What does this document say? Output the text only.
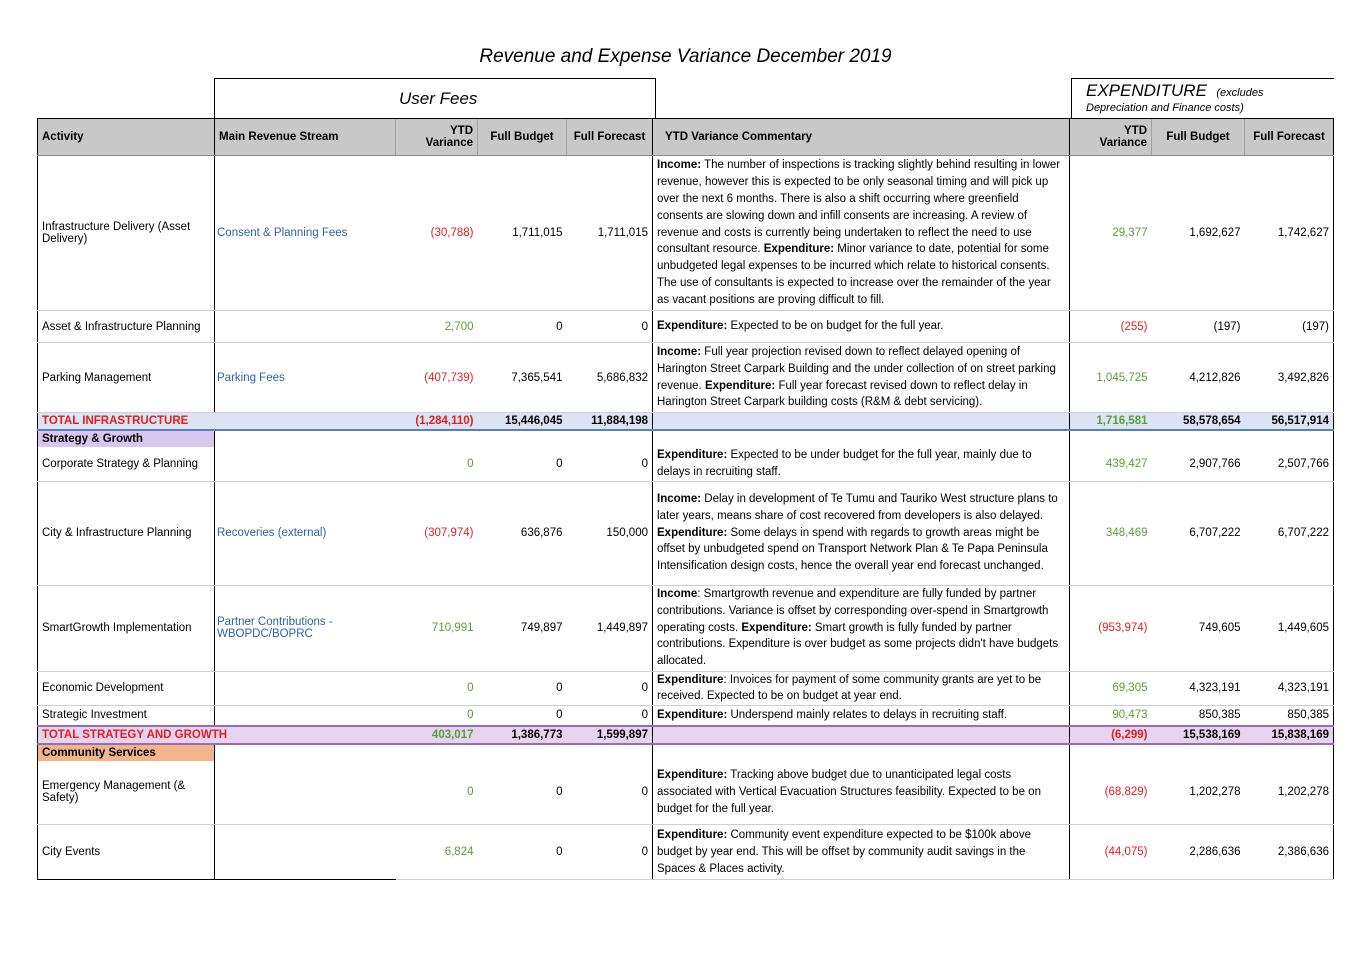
Revenue and Expense Variance December 2019
User Fees	EXPENDITURE (excludes
Depreciation and Finance costs)
Activity	Main Revenue Stream	YTD
Variance	Full Budget	Full Forecast	YTD Variance Commentary	YTD
Variance	Full Budget	Full Forecast
Infrastructure Delivery (Asset Delivery)	Consent & Planning Fees	(30,788)	1,711,015	1,711,015	Income: The number of inspections is tracking slightly behind resulting in lower revenue, however this is expected to be only seasonal timing and will pick up over the next 6 months. There is also a shift occurring where greenfield consents are slowing down and infill consents are increasing. A review of revenue and costs is currently being undertaken to reflect the need to use consultant resource. Expenditure: Minor variance to date, potential for some unbudgeted legal expenses to be incurred which relate to historical consents. The use of consultants is expected to increase over the remainder of the year as vacant positions are proving difficult to fill.	29,377	1,692,627	1,742,627
Asset & Infrastructure Planning		2,700	0	0	Expenditure: Expected to be on budget for the full year.	(255)	(197)	(197)
Parking Management	Parking Fees	(407,739)	7,365,541	5,686,832	Income: Full year projection revised down to reflect delayed opening of Harington Street Carpark Building and the under collection of on street parking revenue. Expenditure: Full year forecast revised down to reflect delay in Harington Street Carpark building costs (R&M & debt servicing).	1,045,725	4,212,826	3,492,826
TOTAL INFRASTRUCTURE		(1,284,110)	15,446,045	11,884,198		1,716,581	58,578,654	56,517,914
Strategy & Growth								
Corporate Strategy & Planning		0	0	0	Expenditure: Expected to be under budget for the full year, mainly due to delays in recruiting staff.	439,427	2,907,766	2,507,766
City & Infrastructure Planning	Recoveries (external)	(307,974)	636,876	150,000	Income: Delay in development of Te Tumu and Tauriko West structure plans to later years, means share of cost recovered from developers is also delayed. Expenditure: Some delays in spend with regards to growth areas might be offset by unbudgeted spend on Transport Network Plan & Te Papa Peninsula Intensification design costs, hence the overall year end forecast unchanged.	348,469	6,707,222	6,707,222
SmartGrowth Implementation	Partner Contributions - WBOPDC/BOPRC	710,991	749,897	1,449,897	Income: Smartgrowth revenue and expenditure are fully funded by partner contributions. Variance is offset by corresponding over-spend in Smartgrowth operating costs. Expenditure: Smart growth is fully funded by partner contributions. Expenditure is over budget as some projects didn't have budgets allocated.	(953,974)	749,605	1,449,605
Economic Development		0	0	0	Expenditure: Invoices for payment of some community grants are yet to be received. Expected to be on budget at year end.	69,305	4,323,191	4,323,191
Strategic Investment		0	0	0	Expenditure: Underspend mainly relates to delays in recruiting staff.	90,473	850,385	850,385
TOTAL STRATEGY AND GROWTH		403,017	1,386,773	1,599,897		(6,299)	15,538,169	15,838,169
Community Services								
Emergency Management (& Safety)		0	0	0	Expenditure: Tracking above budget due to unanticipated legal costs associated with Vertical Evacuation Structures feasibility. Expected to be on budget for the full year.	(68,829)	1,202,278	1,202,278
City Events		6,824	0	0	Expenditure: Community event expenditure expected to be $100k above budget by year end. This will be offset by community audit savings in the Spaces & Places activity.	(44,075)	2,286,636	2,386,636
